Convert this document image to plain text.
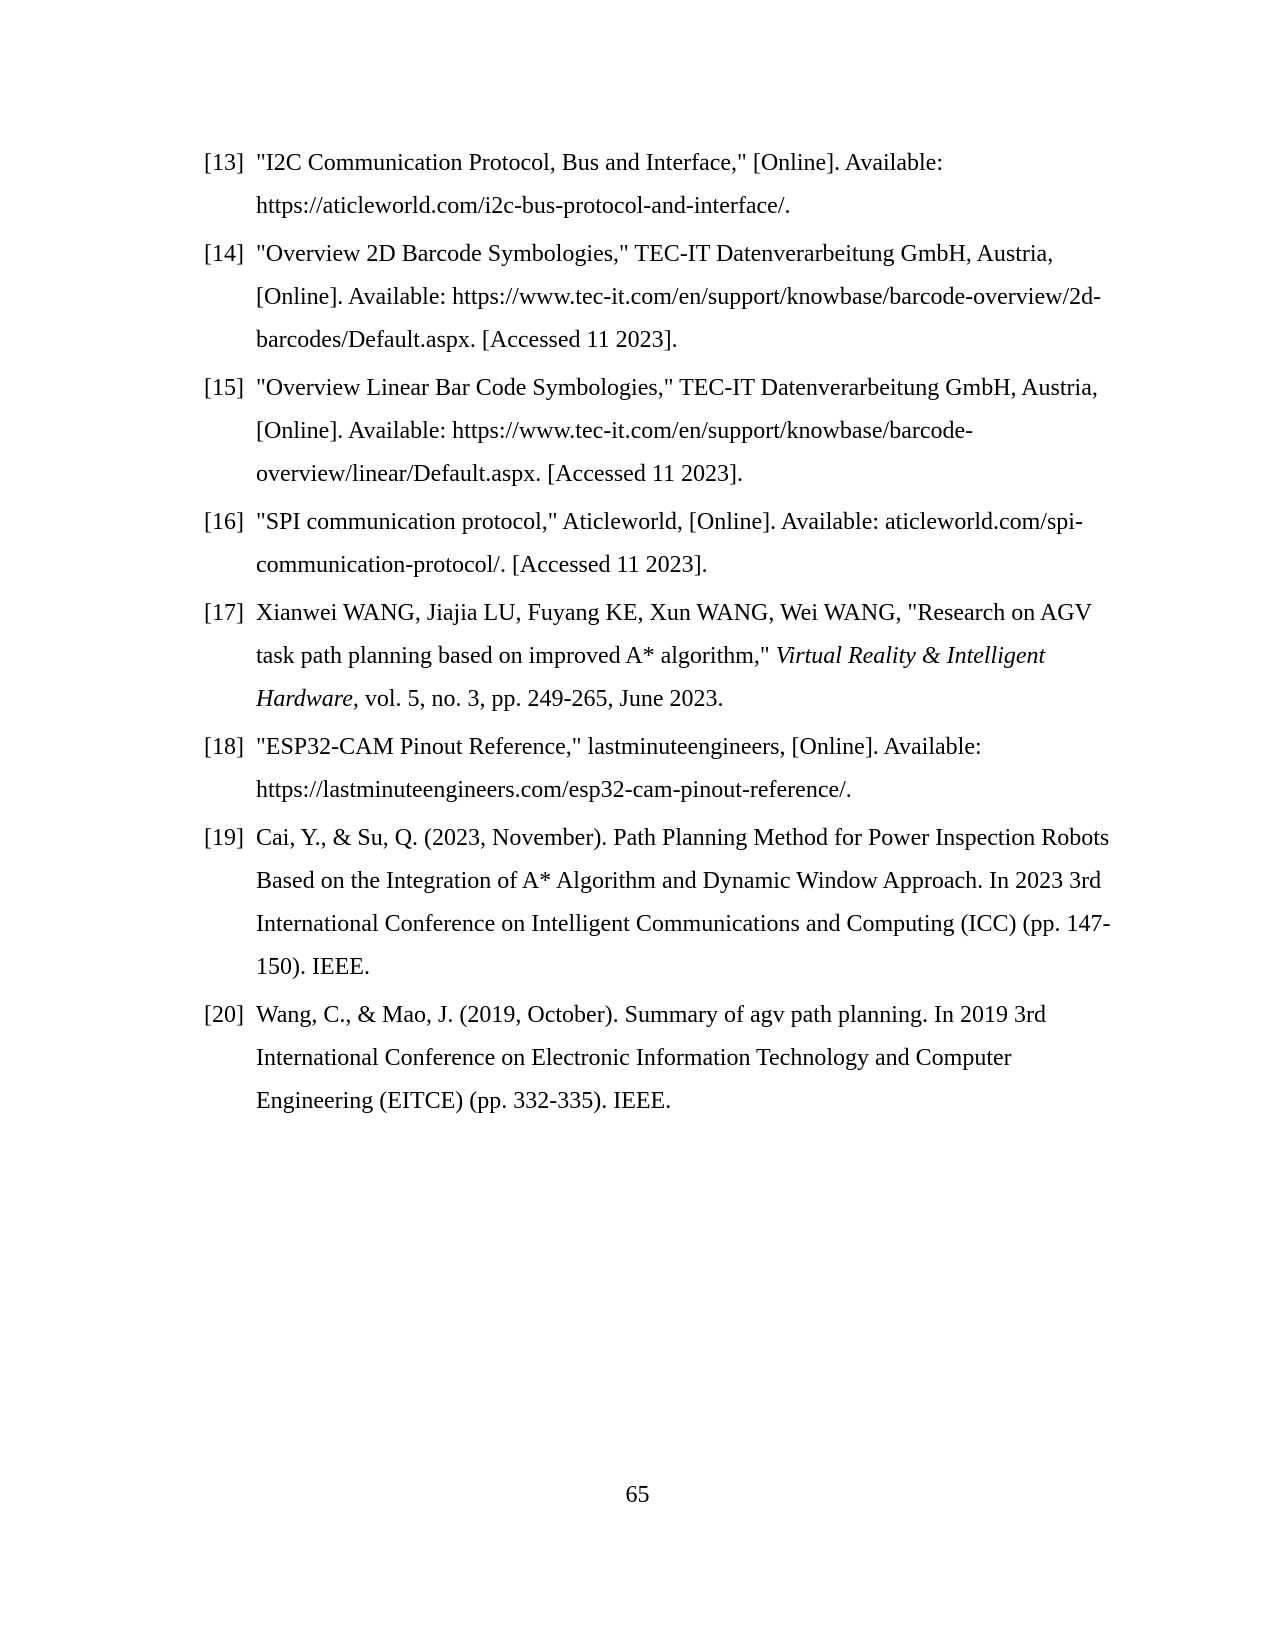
[13] "I2C Communication Protocol, Bus and Interface," [Online]. Available: https://aticleworld.com/i2c-bus-protocol-and-interface/.
[14] "Overview 2D Barcode Symbologies," TEC-IT Datenverarbeitung GmbH, Austria, [Online]. Available: https://www.tec-it.com/en/support/knowbase/barcode-overview/2d-barcodes/Default.aspx. [Accessed 11 2023].
[15] "Overview Linear Bar Code Symbologies," TEC-IT Datenverarbeitung GmbH, Austria, [Online]. Available: https://www.tec-it.com/en/support/knowbase/barcode-overview/linear/Default.aspx. [Accessed 11 2023].
[16] "SPI communication protocol," Aticleworld, [Online]. Available: aticleworld.com/spi-communication-protocol/. [Accessed 11 2023].
[17] Xianwei WANG, Jiajia LU, Fuyang KE, Xun WANG, Wei WANG, "Research on AGV task path planning based on improved A* algorithm," Virtual Reality & Intelligent Hardware, vol. 5, no. 3, pp. 249-265, June 2023.
[18] "ESP32-CAM Pinout Reference," lastminuteengineers, [Online]. Available: https://lastminuteengineers.com/esp32-cam-pinout-reference/.
[19] Cai, Y., & Su, Q. (2023, November). Path Planning Method for Power Inspection Robots Based on the Integration of A* Algorithm and Dynamic Window Approach. In 2023 3rd International Conference on Intelligent Communications and Computing (ICC) (pp. 147-150). IEEE.
[20] Wang, C., & Mao, J. (2019, October). Summary of agv path planning. In 2019 3rd International Conference on Electronic Information Technology and Computer Engineering (EITCE) (pp. 332-335). IEEE.
65
